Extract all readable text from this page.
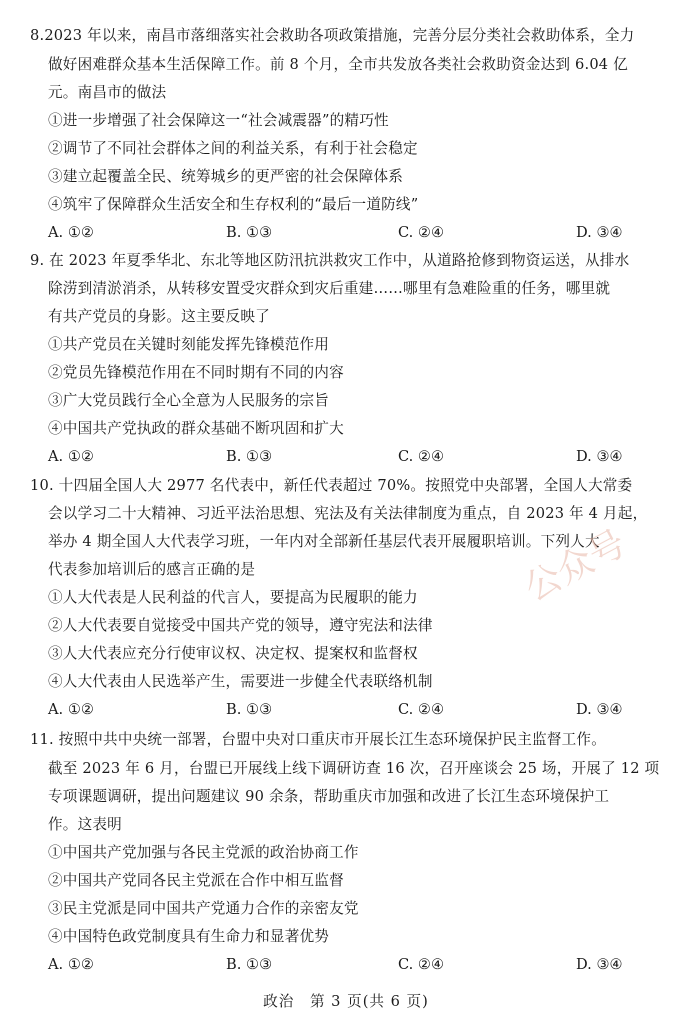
8.2023 年以来，南昌市落细落实社会救助各项政策措施，完善分层分类社会救助体系，全力
做好困难群众基本生活保障工作。前 8 个月，全市共发放各类社会救助资金达到 6.04 亿
元。南昌市的做法
①进一步增强了社会保障这一“社会减震器”的精巧性
②调节了不同社会群体之间的利益关系，有利于社会稳定
③建立起覆盖全民、统筹城乡的更严密的社会保障体系
④筑牢了保障群众生活安全和生存权利的“最后一道防线”
A. ①②	B. ①③	C. ②④	D. ③④
9. 在 2023 年夏季华北、东北等地区防汛抗洪救灾工作中，从道路抢修到物资运送，从排水
除涝到清淤消杀，从转移安置受灾群众到灾后重建……哪里有急难险重的任务，哪里就
有共产党员的身影。这主要反映了
①共产党员在关键时刻能发挥先锋模范作用
②党员先锋模范作用在不同时期有不同的内容
③广大党员践行全心全意为人民服务的宗旨
④中国共产党执政的群众基础不断巩固和扩大
A. ①②	B. ①③	C. ②④	D. ③④
10. 十四届全国人大 2977 名代表中，新任代表超过 70%。按照党中央部署，全国人大常委
会以学习二十大精神、习近平法治思想、宪法及有关法律制度为重点，自 2023 年 4 月起，
举办 4 期全国人大代表学习班，一年内对全部新任基层代表开展履职培训。下列人大
代表参加培训后的感言正确的是
①人大代表是人民利益的代言人，要提高为民履职的能力
②人大代表要自觉接受中国共产党的领导，遵守宪法和法律
③人大代表应充分行使审议权、决定权、提案权和监督权
④人大代表由人民选举产生，需要进一步健全代表联络机制
A. ①②	B. ①③	C. ②④	D. ③④
11. 按照中共中央统一部署，台盟中央对口重庆市开展长江生态环境保护民主监督工作。
截至 2023 年 6 月，台盟已开展线上线下调研访查 16 次，召开座谈会 25 场，开展了 12 项
专项课题调研，提出问题建议 90 余条，帮助重庆市加强和改进了长江生态环境保护工
作。这表明
①中国共产党加强与各民主党派的政治协商工作
②中国共产党同各民主党派在合作中相互监督
③民主党派是同中国共产党通力合作的亲密友党
④中国特色政党制度具有生命力和显著优势
A. ①②	B. ①③	C. ②④	D. ③④
公众号
政治　第 3 页(共 6 页)
